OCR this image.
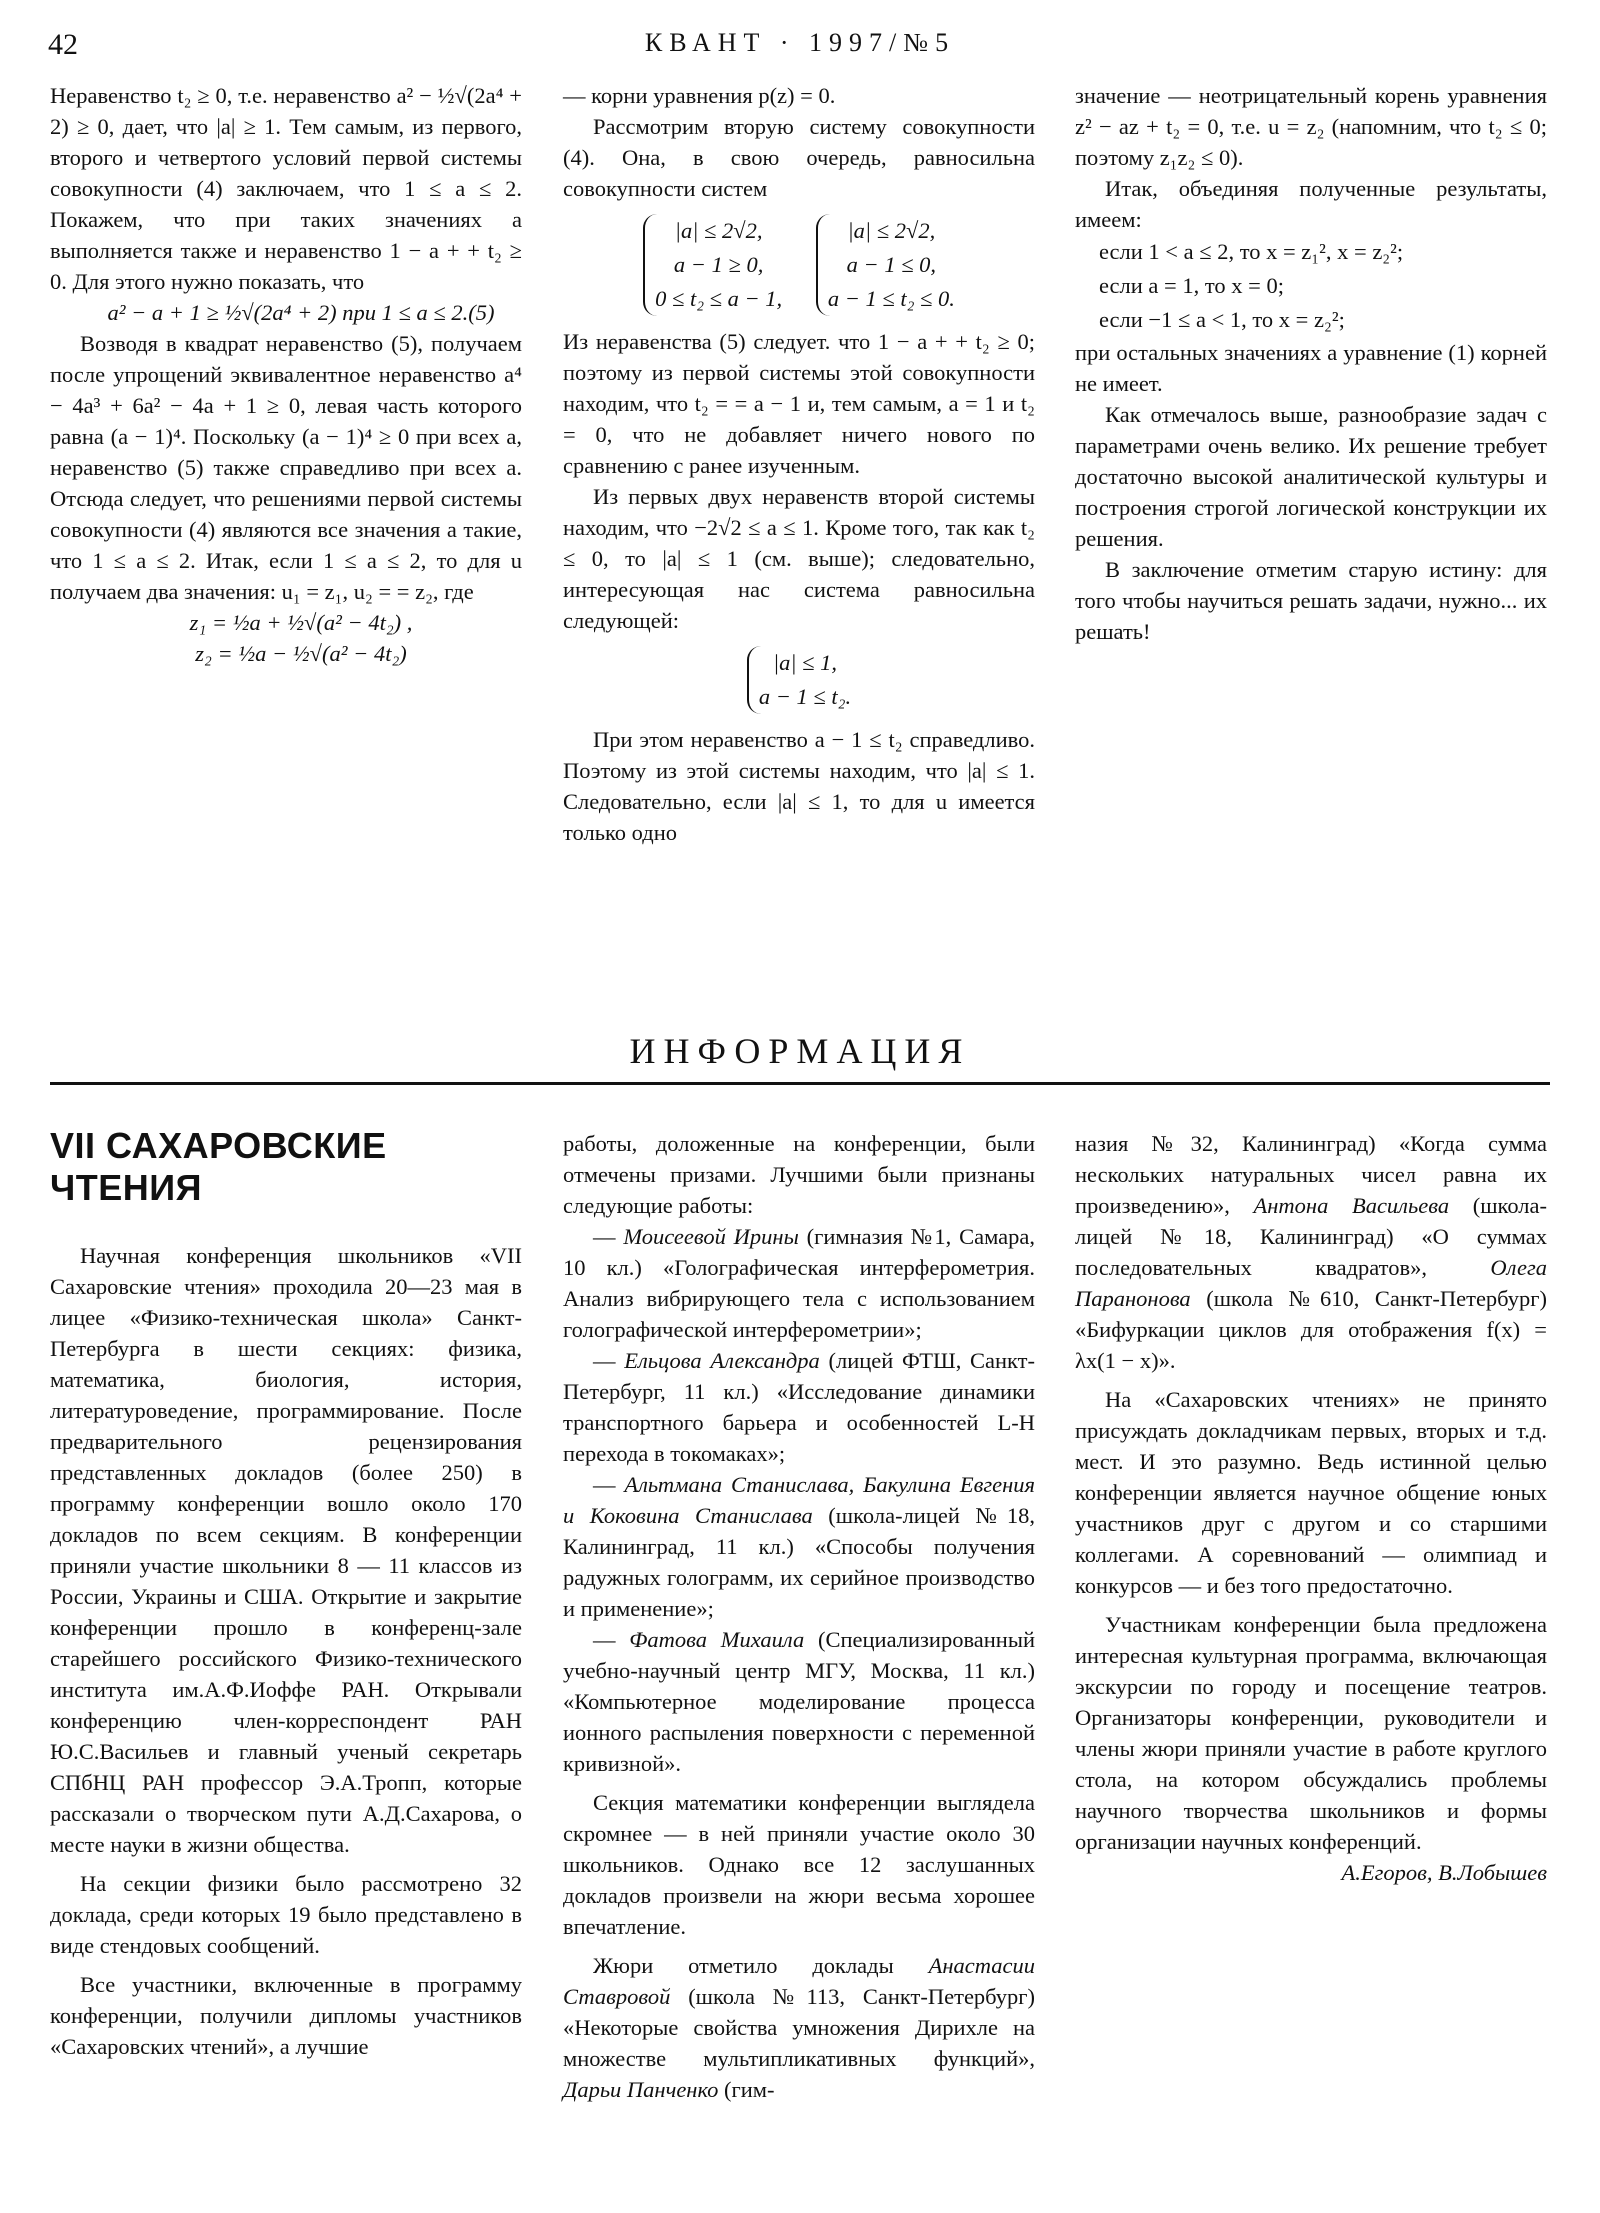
42	КВАНТ · 1997/№5

Неравенство t₂ ≥ 0, т.е. неравенство a² − ½√(2a⁴ + 2) ≥ 0, дает, что |a| ≥ 1. Тем самым, из первого, второго и четвертого условий первой системы совокупности (4) заключаем, что 1 ≤ a ≤ 2. Покажем, что при таких значениях a выполняется также и неравенство 1 − a + + t₂ ≥ 0. Для этого нужно показать, что

a² − a + 1 ≥ ½√(2a⁴ + 2) при 1 ≤ a ≤ 2.(5)

Возводя в квадрат неравенство (5), получаем после упрощений эквивалентное неравенство a⁴ − 4a³ + 6a² − 4a + 1 ≥ 0, левая часть которого равна (a − 1)⁴. Поскольку (a − 1)⁴ ≥ 0 при всех a, неравенство (5) также справедливо при всех a. Отсюда следует, что решениями первой системы совокупности (4) являются все значения a такие, что 1 ≤ a ≤ 2. Итак, если 1 ≤ a ≤ 2, то для u получаем два значения: u₁ = z₁, u₂ = = z₂, где

z₁ = ½a + ½√(a² − 4t₂) ,

z₂ = ½a − ½√(a² − 4t₂)

— корни уравнения p(z) = 0.

Рассмотрим вторую систему совокупности (4). Она, в свою очередь, равносильна совокупности систем

|a| ≤ 2√2,
a − 1 ≥ 0,
0 ≤ t₂ ≤ a − 1,

|a| ≤ 2√2,
a − 1 ≤ 0,
a − 1 ≤ t₂ ≤ 0.

Из неравенства (5) следует. что 1 − a + + t₂ ≥ 0; поэтому из первой системы этой совокупности находим, что t₂ = = a − 1 и, тем самым, a = 1 и t₂ = 0, что не добавляет ничего нового по сравнению с ранее изученным.

Из первых двух неравенств второй системы находим, что −2√2 ≤ a ≤ 1. Кроме того, так как t₂ ≤ 0, то |a| ≤ 1 (см. выше); следовательно, интересующая нас система равносильна следующей:

|a| ≤ 1,
a − 1 ≤ t₂.

При этом неравенство a − 1 ≤ t₂ справедливо. Поэтому из этой системы находим, что |a| ≤ 1. Следовательно, если |a| ≤ 1, то для u имеется только одно

значение — неотрицательный корень уравнения z² − az + t₂ = 0, т.е. u = z₂ (напомним, что t₂ ≤ 0; поэтому z₁z₂ ≤ 0).

Итак, объединяя полученные результаты, имеем:

если 1 < a ≤ 2, то x = z₁², x = z₂²;
если a = 1, то x = 0;
если −1 ≤ a < 1, то x = z₂²;

при остальных значениях a уравнение (1) корней не имеет.

Как отмечалось выше, разнообразие задач с параметрами очень велико. Их решение требует достаточно высокой аналитической культуры и построения строгой логической конструкции их решения.

В заключение отметим старую истину: для того чтобы научиться решать задачи, нужно... их решать!

ИНФОРМАЦИЯ
VII САХАРОВСКИЕ
ЧТЕНИЯ

Научная конференция школьников «VII Сахаровские чтения» проходила 20—23 мая в лицее «Физико-техническая школа» Санкт-Петербурга в шести секциях: физика, математика, биология, история, литературоведение, программирование. После предварительного рецензирования представленных докладов (более 250) в программу конференции вошло около 170 докладов по всем секциям. В конференции приняли участие школьники 8 — 11 классов из России, Украины и США. Открытие и закрытие конференции прошло в конференц-зале старейшего российского Физико-технического института им.А.Ф.Иоффе РАН. Открывали конференцию член-корреспондент РАН Ю.С.Васильев и главный ученый секретарь СПбНЦ РАН профессор Э.А.Тропп, которые рассказали о творческом пути А.Д.Сахарова, о месте науки в жизни общества.

На секции физики было рассмотрено 32 доклада, среди которых 19 было представлено в виде стендовых сообщений.

Все участники, включенные в программу конференции, получили дипломы участников «Сахаровских чтений», а лучшие

работы, доложенные на конференции, были отмечены призами. Лучшими были признаны следующие работы:

— Моисеевой Ирины (гимназия №1, Самара, 10 кл.) «Голографическая интерферометрия. Анализ вибрирующего тела с использованием голографической интерферометрии»;

— Ельцова Александра (лицей ФТШ, Санкт-Петербург, 11 кл.) «Исследование динамики транспортного барьера и особенностей L-H перехода в токомаках»;

— Альтмана Станислава, Бакулина Евгения и Коковина Станислава (школа-лицей №18, Калининград, 11 кл.) «Способы получения радужных голограмм, их серийное производство и применение»;

— Фатова Михаила (Специализированный учебно-научный центр МГУ, Москва, 11 кл.) «Компьютерное моделирование процесса ионного распыления поверхности с переменной кривизной».

Секция математики конференции выглядела скромнее — в ней приняли участие около 30 школьников. Однако все 12 заслушанных докладов произвели на жюри весьма хорошее впечатление.

Жюри отметило доклады Анастасии Ставровой (школа №113, Санкт-Петербург) «Некоторые свойства умножения Дирихле на множестве мультипликативных функций», Дарьи Панченко (гим-

назия №32, Калининград) «Когда сумма нескольких натуральных чисел равна их произведению», Антона Васильева (школа-лицей №18, Калининград) «О суммах последовательных квадратов», Олега Паранонова (школа №610, Санкт-Петербург) «Бифуркации циклов для отображения f(x) = λx(1 − x)».

На «Сахаровских чтениях» не принято присуждать докладчикам первых, вторых и т.д. мест. И это разумно. Ведь истинной целью конференции является научное общение юных участников друг с другом и со старшими коллегами. А соревнований — олимпиад и конкурсов — и без того предостаточно.

Участникам конференции была предложена интересная культурная программа, включающая экскурсии по городу и посещение театров. Организаторы конференции, руководители и члены жюри приняли участие в работе круглого стола, на котором обсуждались проблемы научного творчества школьников и формы организации научных конференций.

А.Егоров, В.Лобышев
